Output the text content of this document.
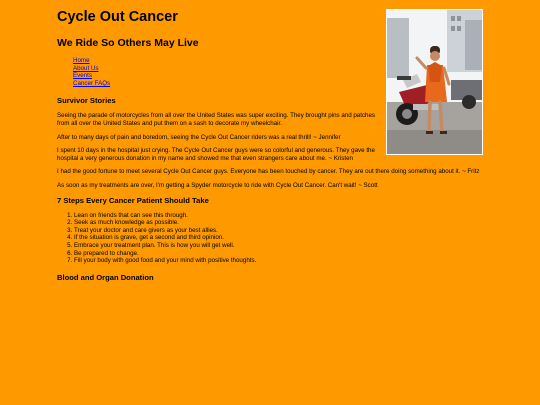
Cycle Out Cancer
We Ride So Others May Live
Home
About Us
Events
Cancer FAQs
Survivor Stories

Seeing the parade of motorcycles from all over the United States was super exciting. They brought pins and patches from all over the United States and put them on a sash to decorate my wheelchair.

After to many days of pain and boredom, seeing the Cycle Out Cancer riders was a real thrill! ~ Jennifer

I spent 10 days in the hospital just crying. The Cycle Out Cancer guys were so colorful and generous. They gave the hospital a very generous donation in my name and showed me that even strangers care about me. ~ Kristen

I had the good fortune to meet several Cycle Out Cancer guys. Everyone has been touched by cancer. They are out there doing something about it. ~ Fritz

As soon as my treatments are over, I'm getting a Spyder motorcycle to ride with Cycle Out Cancer. Can't wait! ~ Scott

7 Steps Every Cancer Patient Should Take
1. Lean on friends that can see this through.
2. Seek as much knowledge as possible.
3. Treat your doctor and care givers as your best allies.
4. If the situation is grave, get a second and third opinion.
5. Embrace your treatment plan. This is how you will get well.
6. Be prepared to change.
7. Fill your body with good food and your mind with positive thoughts.
Blood and Organ Donation
